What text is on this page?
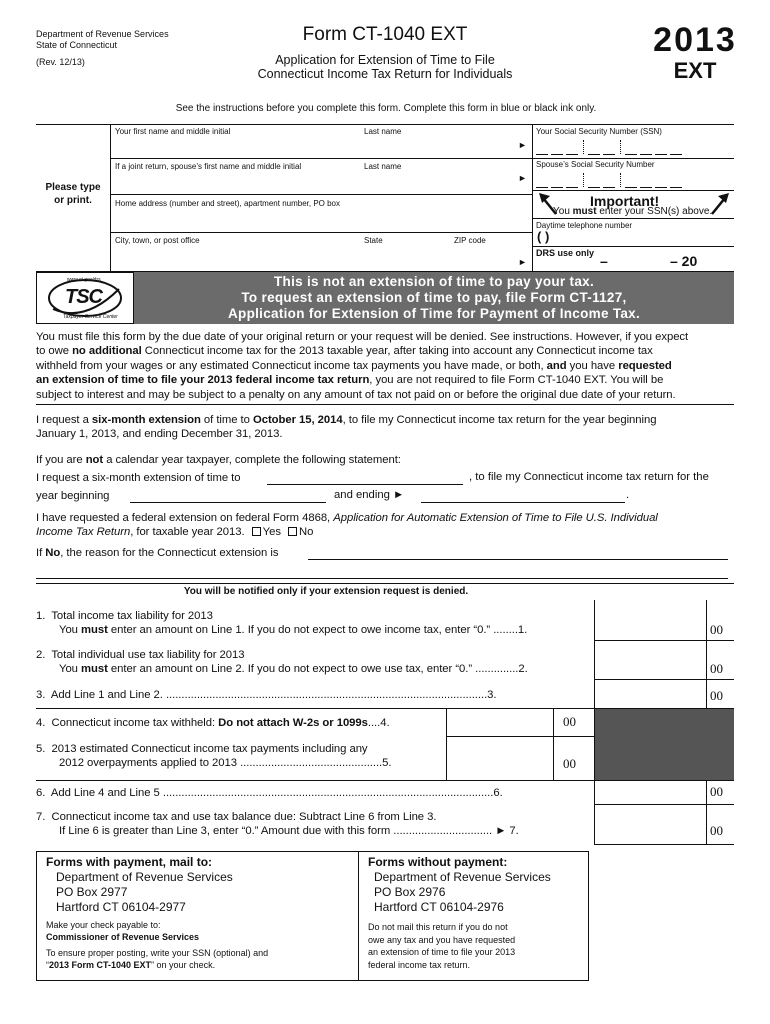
Department of Revenue Services
State of Connecticut
(Rev. 12/13)
Form CT-1040 EXT
Application for Extension of Time to File
Connecticut Income Tax Return for Individuals
2013
EXT
See the instructions before you complete this form. Complete this form in blue or black ink only.
Please type
or print.
Your first name and middle initial	Last name
►
If a joint return, spouse’s first name and middle initial	Last name
►
Home address (number and street), apartment number, PO box
City, town, or post office	State	ZIP code
►
Your Social Security Number (SSN)
Spouse’s Social Security Number
Important!
You must enter your SSN(s) above.
Daytime telephone number
( )
DRS use only –	– 20
www.ct.gov/drs
TSC
Taxpayer Service Center
This is not an extension of time to pay your tax.
To request an extension of time to pay, file Form CT-1127,
Application for Extension of Time for Payment of Income Tax.
You must file this form by the due date of your original return or your request will be denied. See instructions. However, if you expect
to owe no additional Connecticut income tax for the 2013 taxable year, after taking into account any Connecticut income tax
withheld from your wages or any estimated Connecticut income tax payments you have made, or both, and you have requested
an extension of time to file your 2013 federal income tax return, you are not required to file Form CT-1040 EXT. You will be
subject to interest and may be subject to a penalty on any amount of tax not paid on or before the original due date of your return.
I request a six-month extension of time to October 15, 2014, to file my Connecticut income tax return for the year beginning
January 1, 2013, and ending December 31, 2013.
If you are not a calendar year taxpayer, complete the following statement:
I request a six-month extension of time to	, to file my Connecticut income tax return for the
year beginning	and ending ►	.
I have requested a federal extension on federal Form 4868, Application for Automatic Extension of Time to File U.S. Individual
Income Tax Return, for taxable year 2013. Yes No
If No, the reason for the Connecticut extension is
You will be notified only if your extension request is denied.
1. Total income tax liability for 2013
You must enter an amount on Line 1. If you do not expect to owe income tax, enter “0.” ........1.	00
2. Total individual use tax liability for 2013
You must enter an amount on Line 2. If you do not expect to owe use tax, enter “0.” ..............2.	00
3. Add Line 1 and Line 2. ........................................................................................................3.	00
4. Connecticut income tax withheld: Do not attach W-2s or 1099s....4.	00
5. 2013 estimated Connecticut income tax payments including any
2012 overpayments applied to 2013 ..............................................5.	00
6. Add Line 4 and Line 5 ...........................................................................................................6.	00
7. Connecticut income tax and use tax balance due: Subtract Line 6 from Line 3.
If Line 6 is greater than Line 3, enter “0.” Amount due with this form ................................ ► 7.	00
Forms with payment, mail to:
Department of Revenue Services
PO Box 2977
Hartford CT 06104-2977
Make your check payable to:
Commissioner of Revenue Services
To ensure proper posting, write your SSN (optional) and
“2013 Form CT-1040 EXT” on your check.
Forms without payment:
Department of Revenue Services
PO Box 2976
Hartford CT 06104-2976
Do not mail this return if you do not
owe any tax and you have requested
an extension of time to file your 2013
federal income tax return.
